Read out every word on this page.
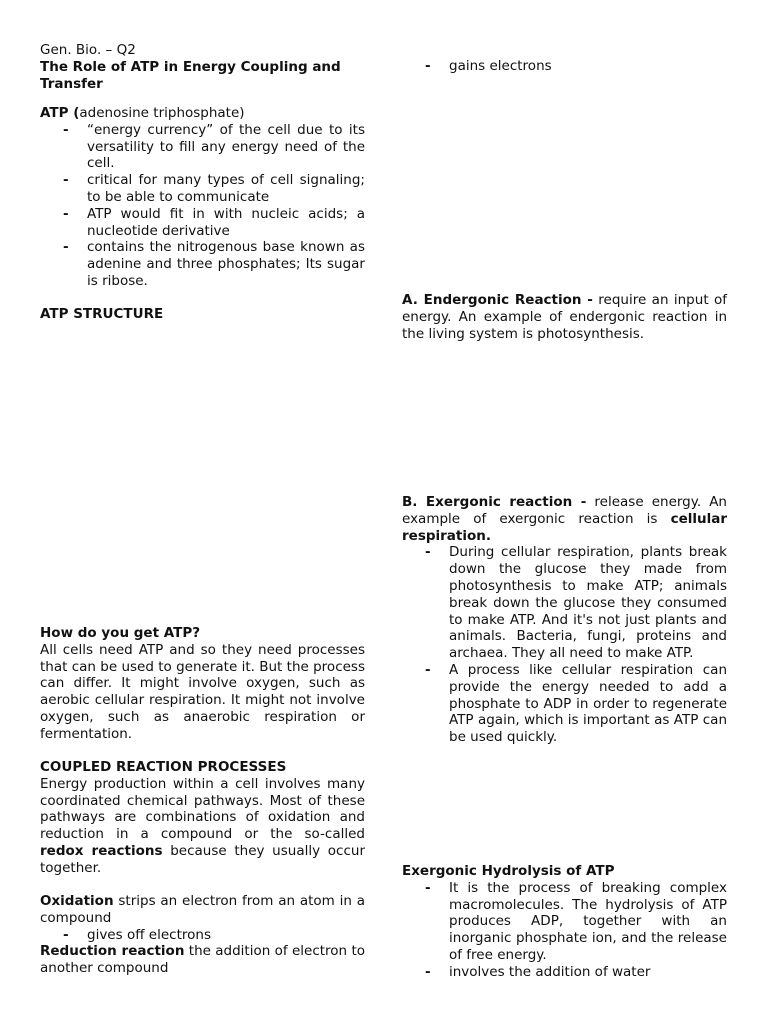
Gen. Bio. – Q2

The Role of ATP in Energy Coupling and Transfer

ATP (adenosine triphosphate)

- “energy currency” of the cell due to its versatility to fill any energy need of the cell.
- critical for many types of cell signaling; to be able to communicate
- ATP would fit in with nucleic acids; a nucleotide derivative
- contains the nitrogenous base known as adenine and three phosphates; Its sugar is ribose.

ATP STRUCTURE

How do you get ATP?

All cells need ATP and so they need processes that can be used to generate it. But the process can differ. It might involve oxygen, such as aerobic cellular respiration. It might not involve oxygen, such as anaerobic respiration or fermentation.

COUPLED REACTION PROCESSES

Energy production within a cell involves many coordinated chemical pathways. Most of these pathways are combinations of oxidation and reduction in a compound or the so-called redox reactions because they usually occur together.

Oxidation strips an electron from an atom in a compound

- gives off electrons

Reduction reaction the addition of electron to another compound

- gains electrons

A. Endergonic Reaction - require an input of energy. An example of endergonic reaction in the living system is photosynthesis.

B. Exergonic reaction - release energy. An example of exergonic reaction is cellular respiration.

- During cellular respiration, plants break down the glucose they made from photosynthesis to make ATP; animals break down the glucose they consumed to make ATP. And it's not just plants and animals. Bacteria, fungi, proteins and archaea. They all need to make ATP.
- A process like cellular respiration can provide the energy needed to add a phosphate to ADP in order to regenerate ATP again, which is important as ATP can be used quickly.

Exergonic Hydrolysis of ATP

- It is the process of breaking complex macromolecules. The hydrolysis of ATP produces ADP, together with an inorganic phosphate ion, and the release of free energy.
- involves the addition of water
